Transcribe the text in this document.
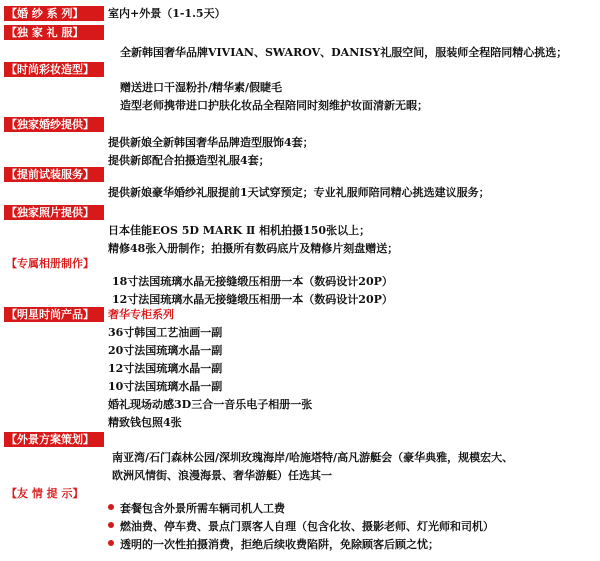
【婚 纱 系 列】	室内+外景（1-1.5天）
【独 家 礼 服】
全新韩国奢华品牌VIVIAN、SWAROV、DANISY礼服空间，服装师全程陪同精心挑选；
【时尚彩妆造型】
赠送进口干湿粉扑/精华素/假睫毛
造型老师携带进口护肤化妆品全程陪同时刻维护妆面清新无暇；
【独家婚纱提供】
提供新娘全新韩国奢华品牌造型服饰4套；
提供新郎配合拍摄造型礼服4套；
【提前试装服务】
提供新娘豪华婚纱礼服提前1天试穿预定；专业礼服师陪同精心挑选建议服务；
【独家照片提供】
日本佳能EOS 5D MARK Ⅱ 相机拍摄150张以上；
精修48张入册制作；拍摄所有数码底片及精修片刻盘赠送；
【专属相册制作】
18寸法国琉璃水晶无接缝缎压相册一本（数码设计20P）
12寸法国琉璃水晶无接缝缎压相册一本（数码设计20P）
【明星时尚产品】	奢华专柜系列
36寸韩国工艺油画一副
20寸法国琉璃水晶一副
12寸法国琉璃水晶一副
10寸法国琉璃水晶一副
婚礼现场动感3D三合一音乐电子相册一张
精致钱包照4张
【外景方案策划】
南亚湾/石门森林公园/深圳玫瑰海岸/哈施塔特/高凡游艇会（豪华典雅，规模宏大、
欧洲风情街、浪漫海景、奢华游艇）任选其一
【友 情 提 示】
套餐包含外景所需车辆司机人工费
燃油费、停车费、景点门票客人自理（包含化妆、摄影老师、灯光师和司机）
透明的一次性拍摄消费，拒绝后续收费陷阱，免除顾客后顾之忧；
